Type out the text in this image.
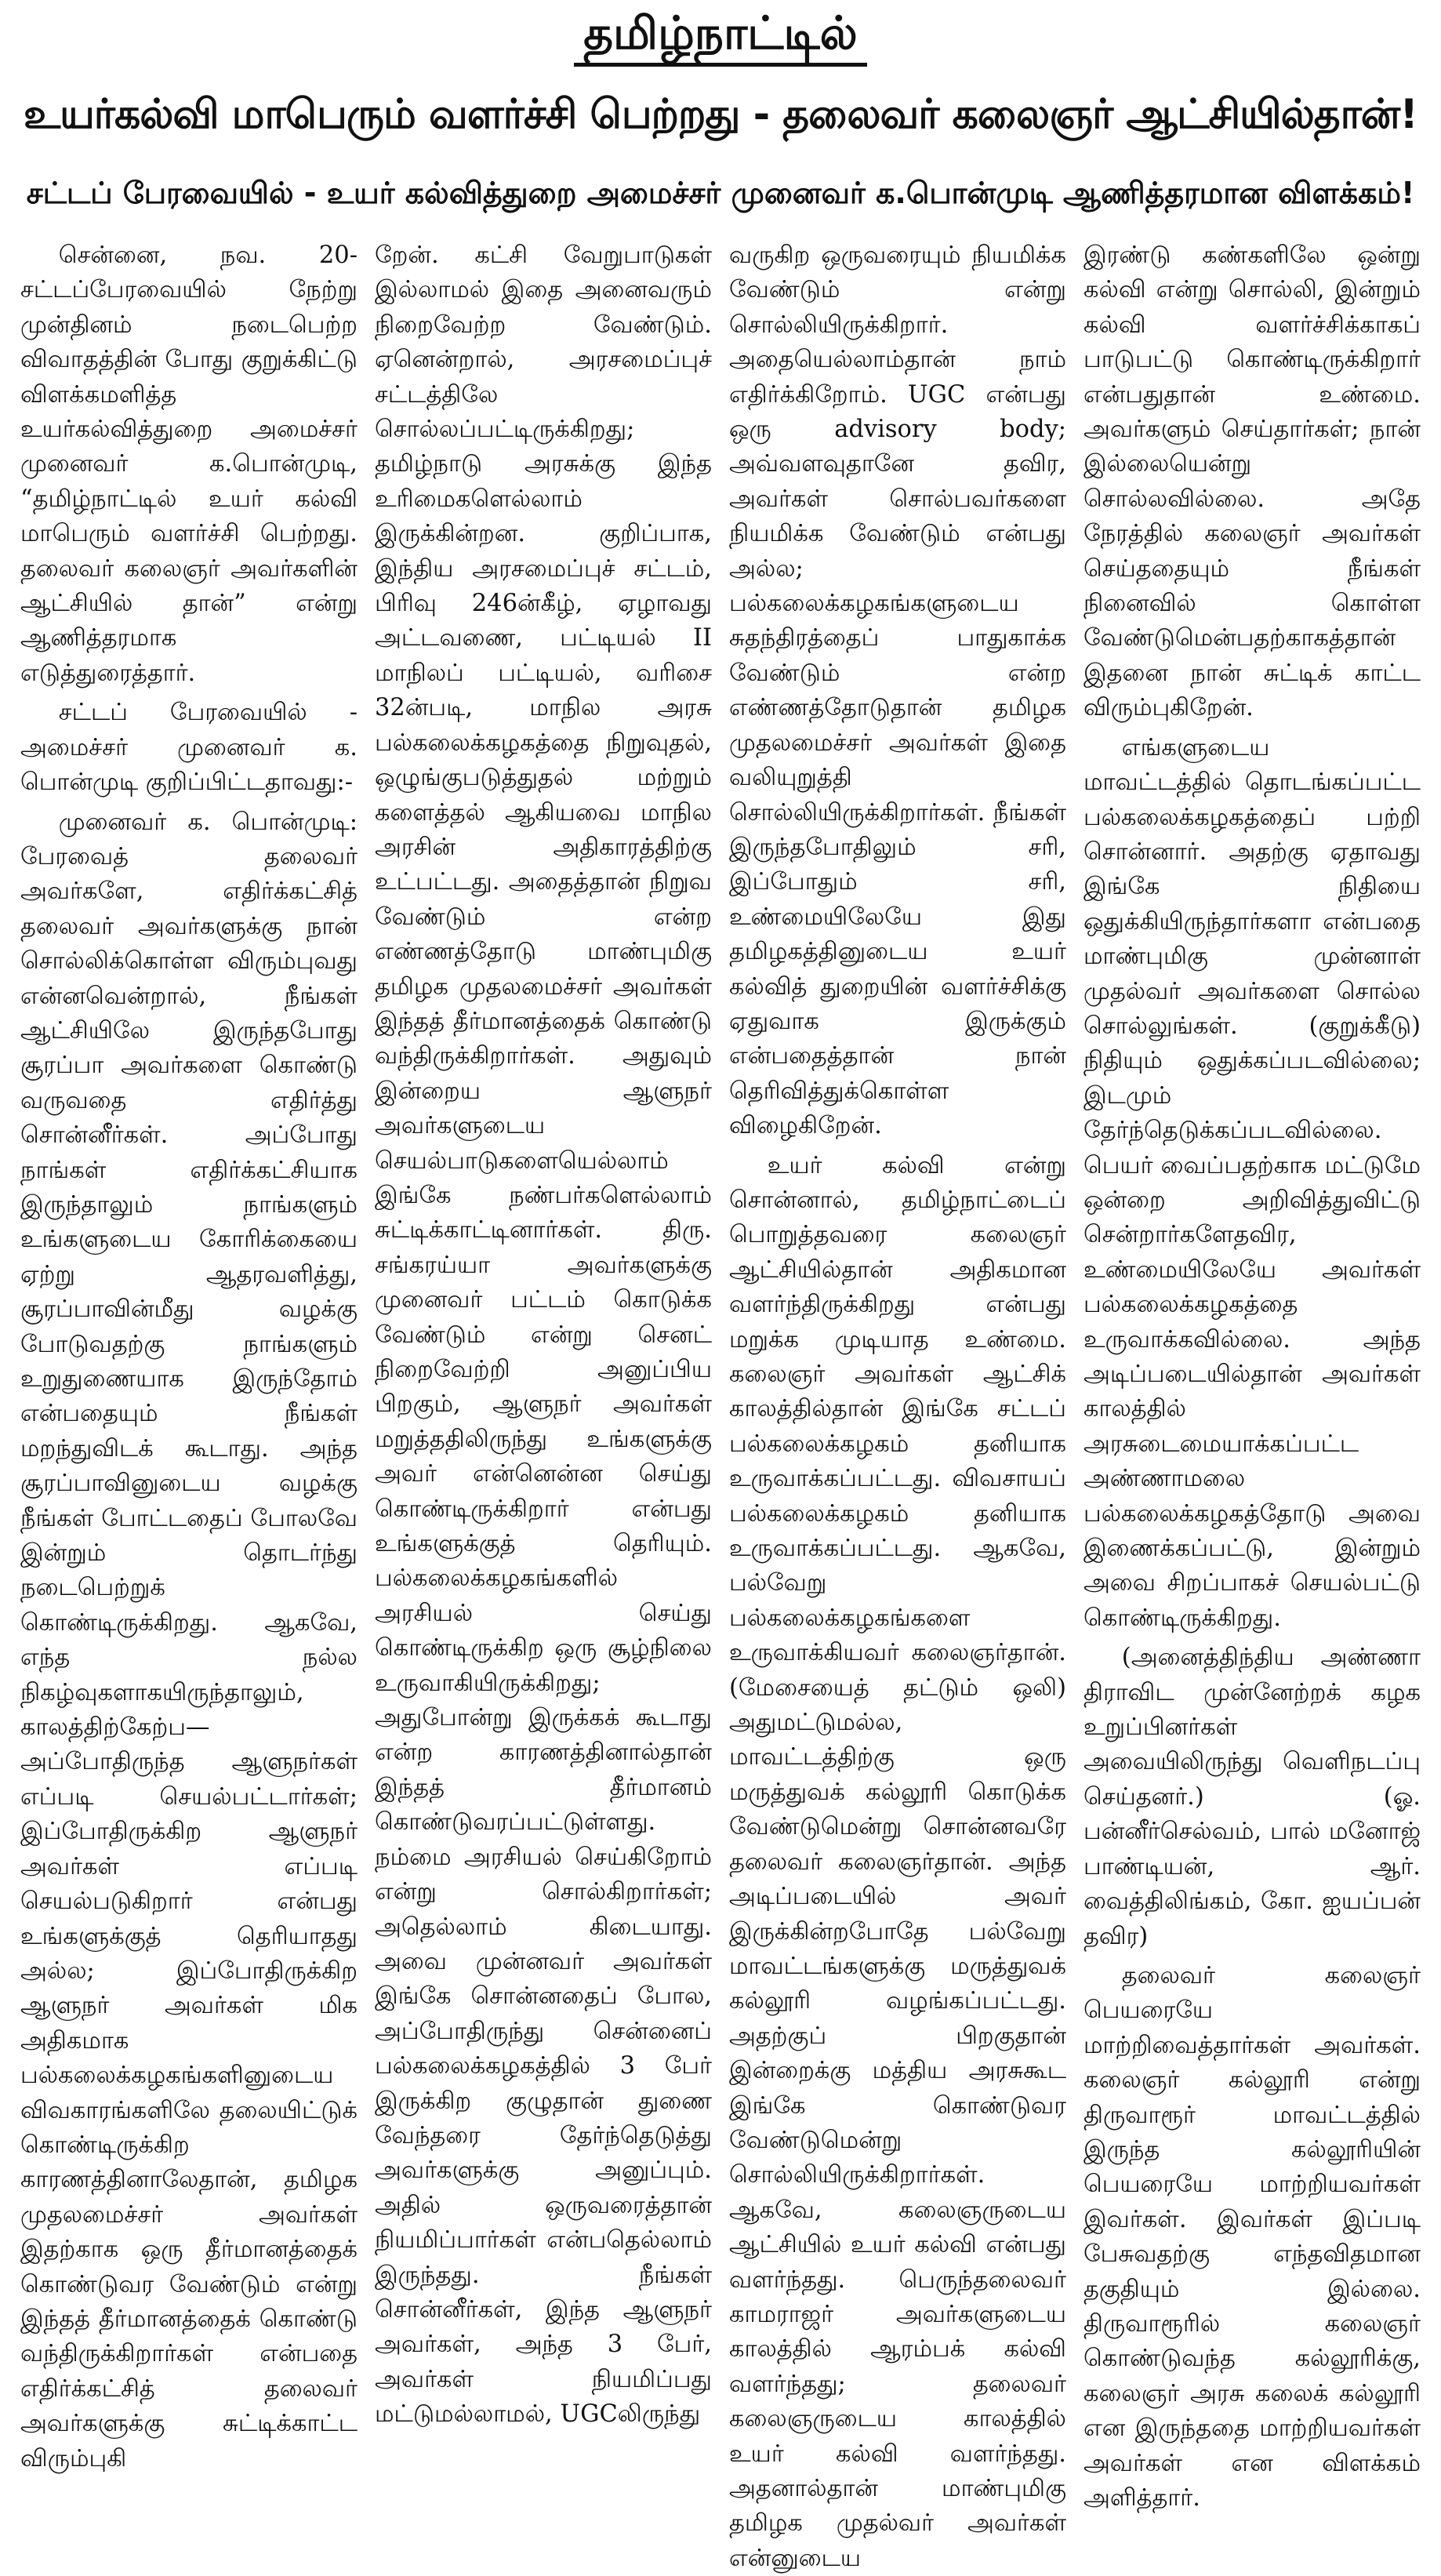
தமிழ்நாட்டில்
உயர்கல்வி மாபெரும் வளர்ச்சி பெற்றது - தலைவர் கலைஞர் ஆட்சியில்தான்!
சட்டப் பேரவையில் - உயர் கல்வித்துறை அமைச்சர் முனைவர் க.பொன்முடி ஆணித்தரமான விளக்கம்!

சென்னை, நவ. 20- சட்டப்பேரவையில் நேற்று முன்தினம் நடைபெற்ற விவாதத்தின் போது குறுக்கிட்டு விளக்கமளித்த உயர்கல்வித்துறை அமைச்சர் முனைவர் க.பொன்முடி, “தமிழ்நாட்டில் உயர் கல்வி மாபெரும் வளர்ச்சி பெற்றது. தலைவர் கலைஞர் அவர்களின் ஆட்சியில் தான்” என்று ஆணித்தரமாக எடுத்துரைத்தார்.

சட்டப் பேரவையில் - அமைச்சர் முனைவர் க. பொன்முடி குறிப்பிட்டதாவது:-

முனைவர் க. பொன்முடி: பேரவைத் தலைவர் அவர்களே, எதிர்க்கட்சித் தலைவர் அவர்களுக்கு நான் சொல்லிக்கொள்ள விரும்புவது என்னவென்றால், நீங்கள் ஆட்சியிலே இருந்தபோது சூரப்பா அவர்களை கொண்டு வருவதை எதிர்த்து சொன்னீர்கள். அப்போது நாங்கள் எதிர்க்கட்சியாக இருந்தாலும் நாங்களும் உங்களுடைய கோரிக்கையை ஏற்று ஆதரவளித்து, சூரப்பாவின்மீது வழக்கு போடுவதற்கு நாங்களும் உறுதுணையாக இருந்தோம் என்பதையும் நீங்கள் மறந்துவிடக் கூடாது. அந்த சூரப்பாவினுடைய வழக்கு நீங்கள் போட்டதைப் போலவே இன்றும் தொடர்ந்து நடைபெற்றுக் கொண்டிருக்கிறது. ஆகவே, எந்த நல்ல நிகழ்வுகளாகயிருந்தாலும், காலத்திற்கேற்ப—அப்போதிருந்த ஆளுநர்கள் எப்படி செயல்பட்டார்கள்; இப்போதிருக்கிற ஆளுநர் அவர்கள் எப்படி செயல்படுகிறார் என்பது உங்களுக்குத் தெரியாதது அல்ல; இப்போதிருக்கிற ஆளுநர் அவர்கள் மிக அதிகமாக பல்கலைக்கழகங்களினுடைய விவகாரங்களிலே தலையிட்டுக் கொண்டிருக்கிற காரணத்தினாலேதான், தமிழக முதலமைச்சர் அவர்கள் இதற்காக ஒரு தீர்மானத்தைக் கொண்டுவர வேண்டும் என்று இந்தத் தீர்மானத்தைக் கொண்டு வந்திருக்கிறார்கள் என்பதை எதிர்க்கட்சித் தலைவர் அவர்களுக்கு சுட்டிக்காட்ட விரும்புகி

றேன். கட்சி வேறுபாடுகள் இல்லாமல் இதை அனைவரும் நிறைவேற்ற வேண்டும். ஏனென்றால், அரசமைப்புச் சட்டத்திலே சொல்லப்பட்டிருக்கிறது; தமிழ்நாடு அரசுக்கு இந்த உரிமைகளெல்லாம் இருக்கின்றன. குறிப்பாக, இந்திய அரசமைப்புச் சட்டம், பிரிவு 246ன்கீழ், ஏழாவது அட்டவணை, பட்டியல் II மாநிலப் பட்டியல், வரிசை 32ன்படி, மாநில அரசு பல்கலைக்கழகத்தை நிறுவுதல், ஒழுங்குபடுத்துதல் மற்றும் களைத்தல் ஆகியவை மாநில அரசின் அதிகாரத்திற்கு உட்பட்டது. அதைத்தான் நிறுவ வேண்டும் என்ற எண்ணத்தோடு மாண்புமிகு தமிழக முதலமைச்சர் அவர்கள் இந்தத் தீர்மானத்தைக் கொண்டு வந்திருக்கிறார்கள். அதுவும் இன்றைய ஆளுநர் அவர்களுடைய செயல்பாடுகளையெல்லாம் இங்கே நண்பர்களெல்லாம் சுட்டிக்காட்டினார்கள். திரு. சங்கரய்யா அவர்களுக்கு முனைவர் பட்டம் கொடுக்க வேண்டும் என்று செனட் நிறைவேற்றி அனுப்பிய பிறகும், ஆளுநர் அவர்கள் மறுத்ததிலிருந்து உங்களுக்கு அவர் என்னென்ன செய்து கொண்டிருக்கிறார் என்பது உங்களுக்குத் தெரியும். பல்கலைக்கழகங்களில் அரசியல் செய்து கொண்டிருக்கிற ஒரு சூழ்நிலை உருவாகியிருக்கிறது; அதுபோன்று இருக்கக் கூடாது என்ற காரணத்தினால்தான் இந்தத் தீர்மானம் கொண்டுவரப்பட்டுள்ளது. நம்மை அரசியல் செய்கிறோம் என்று சொல்கிறார்கள்; அதெல்லாம் கிடையாது. அவை முன்னவர் அவர்கள் இங்கே சொன்னதைப் போல, அப்போதிருந்து சென்னைப் பல்கலைக்கழகத்தில் 3 பேர் இருக்கிற குழுதான் துணை வேந்தரை தேர்ந்தெடுத்து அவர்களுக்கு அனுப்பும். அதில் ஒருவரைத்தான் நியமிப்பார்கள் என்பதெல்லாம் இருந்தது. நீங்கள் சொன்னீர்கள், இந்த ஆளுநர் அவர்கள், அந்த 3 பேர், அவர்கள் நியமிப்பது மட்டுமல்லாமல், UGCலிருந்து

வருகிற ஒருவரையும் நியமிக்க வேண்டும் என்று சொல்லியிருக்கிறார். அதையெல்லாம்தான் நாம் எதிர்க்கிறோம். UGC என்பது ஒரு advisory body; அவ்வளவுதானே தவிர, அவர்கள் சொல்பவர்களை நியமிக்க வேண்டும் என்பது அல்ல; பல்கலைக்கழகங்களுடைய சுதந்திரத்தைப் பாதுகாக்க வேண்டும் என்ற எண்ணத்தோடுதான் தமிழக முதலமைச்சர் அவர்கள் இதை வலியுறுத்தி சொல்லியிருக்கிறார்கள். நீங்கள் இருந்தபோதிலும் சரி, இப்போதும் சரி, உண்மையிலேயே இது தமிழகத்தினுடைய உயர் கல்வித் துறையின் வளர்ச்சிக்கு ஏதுவாக இருக்கும் என்பதைத்தான் நான் தெரிவித்துக்கொள்ள விழைகிறேன்.

உயர் கல்வி என்று சொன்னால், தமிழ்நாட்டைப் பொறுத்தவரை கலைஞர் ஆட்சியில்தான் அதிகமான வளர்ந்திருக்கிறது என்பது மறுக்க முடியாத உண்மை. கலைஞர் அவர்கள் ஆட்சிக் காலத்தில்தான் இங்கே சட்டப் பல்கலைக்கழகம் தனியாக உருவாக்கப்பட்டது. விவசாயப் பல்கலைக்கழகம் தனியாக உருவாக்கப்பட்டது. ஆகவே, பல்வேறு பல்கலைக்கழகங்களை உருவாக்கியவர் கலைஞர்தான். (மேசையைத் தட்டும் ஒலி) அதுமட்டுமல்ல, மாவட்டத்திற்கு ஒரு மருத்துவக் கல்லூரி கொடுக்க வேண்டுமென்று சொன்னவரே தலைவர் கலைஞர்தான். அந்த அடிப்படையில் அவர் இருக்கின்றபோதே பல்வேறு மாவட்டங்களுக்கு மருத்துவக் கல்லூரி வழங்கப்பட்டது. அதற்குப் பிறகுதான் இன்றைக்கு மத்திய அரசுகூட இங்கே கொண்டுவர வேண்டுமென்று சொல்லியிருக்கிறார்கள். ஆகவே, கலைஞருடைய ஆட்சியில் உயர் கல்வி என்பது வளர்ந்தது. பெருந்தலைவர் காமராஜர் அவர்களுடைய காலத்தில் ஆரம்பக் கல்வி வளர்ந்தது; தலைவர் கலைஞருடைய காலத்தில் உயர் கல்வி வளர்ந்தது. அதனால்தான் மாண்புமிகு தமிழக முதல்வர் அவர்கள் என்னுடைய

இரண்டு கண்களிலே ஒன்று கல்வி என்று சொல்லி, இன்றும் கல்வி வளர்ச்சிக்காகப் பாடுபட்டு கொண்டிருக்கிறார் என்பதுதான் உண்மை. அவர்களும் செய்தார்கள்; நான் இல்லையென்று சொல்லவில்லை. அதே நேரத்தில் கலைஞர் அவர்கள் செய்ததையும் நீங்கள் நினைவில் கொள்ள வேண்டுமென்பதற்காகத்தான் இதனை நான் சுட்டிக் காட்ட விரும்புகிறேன்.

எங்களுடைய மாவட்டத்தில் தொடங்கப்பட்ட பல்கலைக்கழகத்தைப் பற்றி சொன்னார். அதற்கு ஏதாவது இங்கே நிதியை ஒதுக்கியிருந்தார்களா என்பதை மாண்புமிகு முன்னாள் முதல்வர் அவர்களை சொல்ல சொல்லுங்கள். (குறுக்கீடு) நிதியும் ஒதுக்கப்படவில்லை; இடமும் தேர்ந்தெடுக்கப்படவில்லை. பெயர் வைப்பதற்காக மட்டுமே ஒன்றை அறிவித்துவிட்டு சென்றார்களேதவிர, உண்மையிலேயே அவர்கள் பல்கலைக்கழகத்தை உருவாக்கவில்லை. அந்த அடிப்படையில்தான் அவர்கள் காலத்தில் அரசுடைமையாக்கப்பட்ட அண்ணாமலை பல்கலைக்கழகத்தோடு அவை இணைக்கப்பட்டு, இன்றும் அவை சிறப்பாகச் செயல்பட்டு கொண்டிருக்கிறது.

(அனைத்திந்திய அண்ணா திராவிட முன்னேற்றக் கழக உறுப்பினர்கள் அவையிலிருந்து வெளிநடப்பு செய்தனர்.) (ஓ. பன்னீர்செல்வம், பால் மனோஜ் பாண்டியன், ஆர். வைத்திலிங்கம், கோ. ஐயப்பன் தவிர)

தலைவர் கலைஞர் பெயரையே மாற்றிவைத்தார்கள் அவர்கள். கலைஞர் கல்லூரி என்று திருவாரூர் மாவட்டத்தில் இருந்த கல்லூரியின் பெயரையே மாற்றியவர்கள் இவர்கள். இவர்கள் இப்படி பேசுவதற்கு எந்தவிதமான தகுதியும் இல்லை. திருவாரூரில் கலைஞர் கொண்டுவந்த கல்லூரிக்கு, கலைஞர் அரசு கலைக் கல்லூரி என இருந்ததை மாற்றியவர்கள் அவர்கள் என விளக்கம் அளித்தார்.
